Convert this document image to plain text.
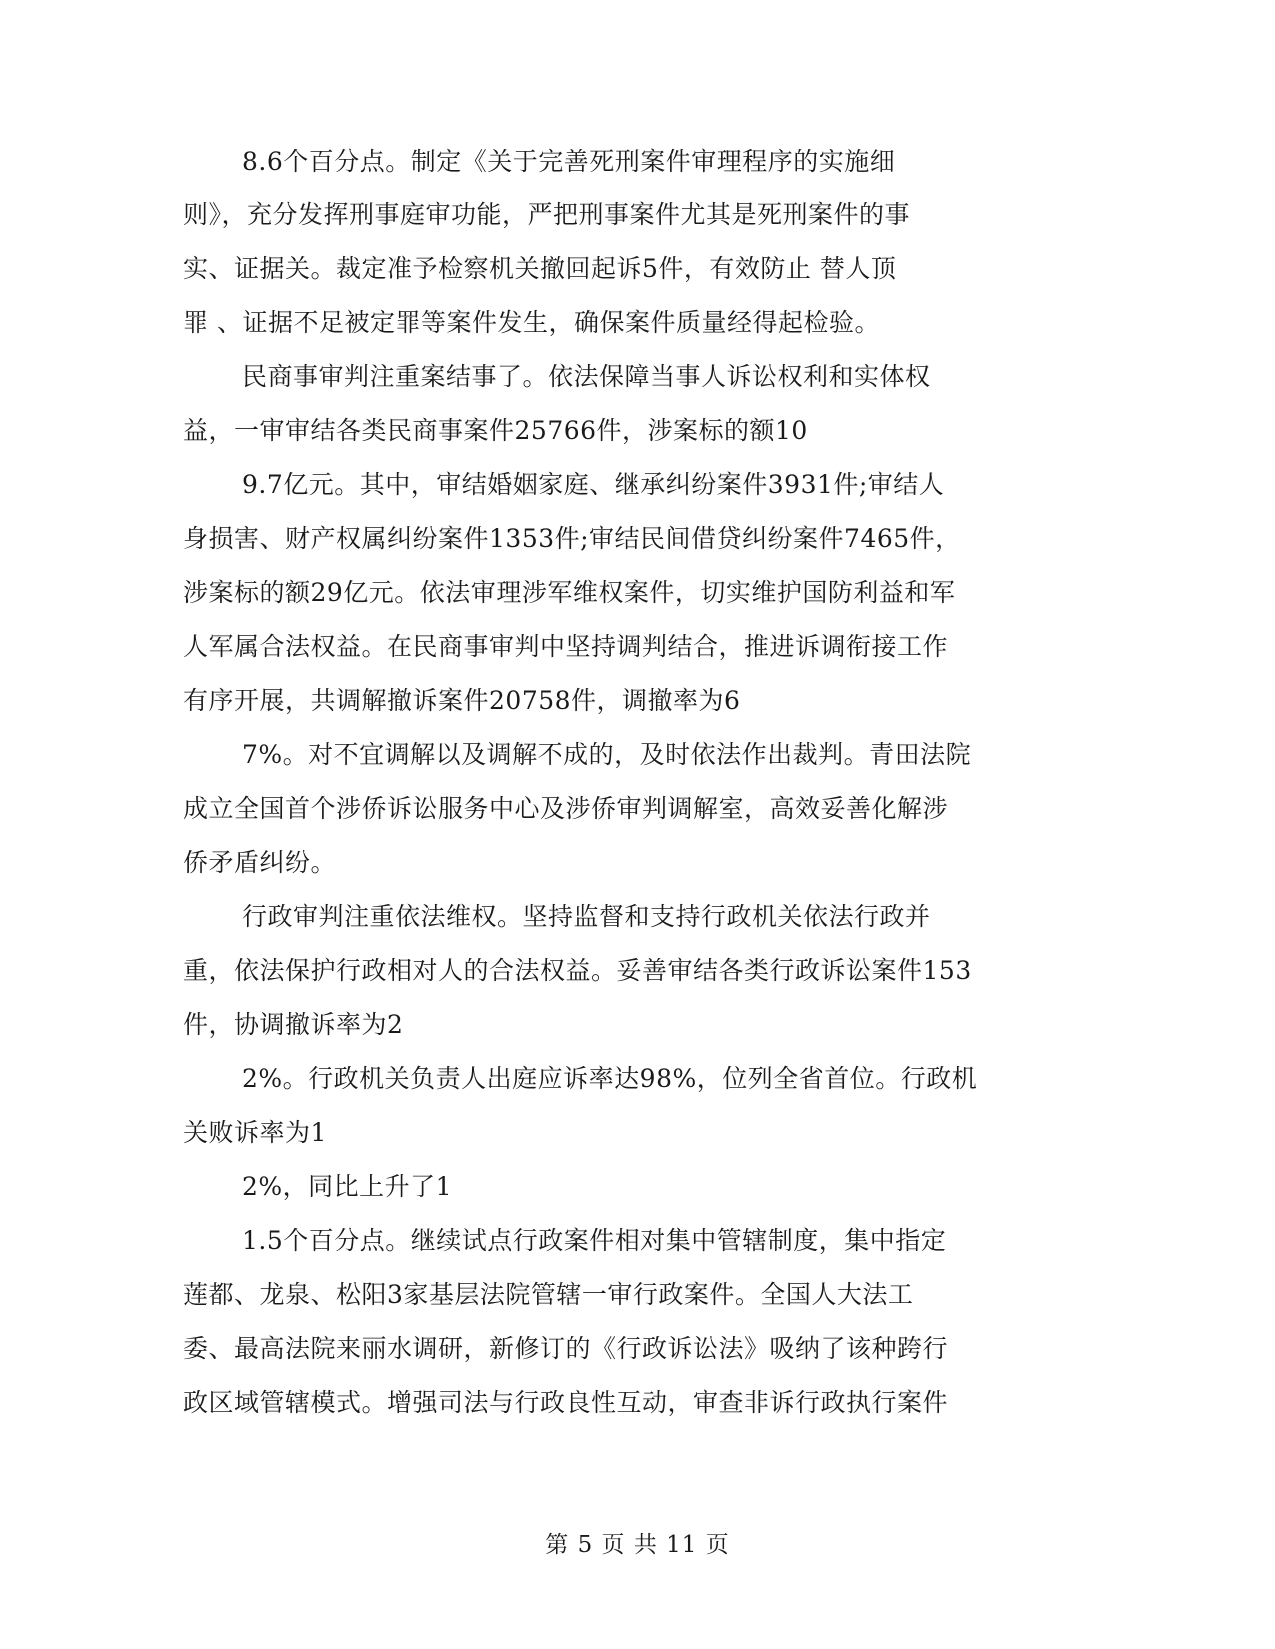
8.6个百分点。制定《关于完善死刑案件审理程序的实施细
则》，充分发挥刑事庭审功能，严把刑事案件尤其是死刑案件的事
实、证据关。裁定准予检察机关撤回起诉5件，有效防止 替人顶
罪 、证据不足被定罪等案件发生，确保案件质量经得起检验。
民商事审判注重案结事了。依法保障当事人诉讼权利和实体权
益，一审审结各类民商事案件25766件，涉案标的额10
9.7亿元。其中，审结婚姻家庭、继承纠纷案件3931件;审结人
身损害、财产权属纠纷案件1353件;审结民间借贷纠纷案件7465件，
涉案标的额29亿元。依法审理涉军维权案件，切实维护国防利益和军
人军属合法权益。在民商事审判中坚持调判结合，推进诉调衔接工作
有序开展，共调解撤诉案件20758件，调撤率为6
7%。对不宜调解以及调解不成的，及时依法作出裁判。青田法院
成立全国首个涉侨诉讼服务中心及涉侨审判调解室，高效妥善化解涉
侨矛盾纠纷。
行政审判注重依法维权。坚持监督和支持行政机关依法行政并
重，依法保护行政相对人的合法权益。妥善审结各类行政诉讼案件153
件，协调撤诉率为2
2%。行政机关负责人出庭应诉率达98%，位列全省首位。行政机
关败诉率为1
2%，同比上升了1
1.5个百分点。继续试点行政案件相对集中管辖制度，集中指定
莲都、龙泉、松阳3家基层法院管辖一审行政案件。全国人大法工
委、最高法院来丽水调研，新修订的《行政诉讼法》吸纳了该种跨行
政区域管辖模式。增强司法与行政良性互动，审查非诉行政执行案件
第 5 页 共 11 页
